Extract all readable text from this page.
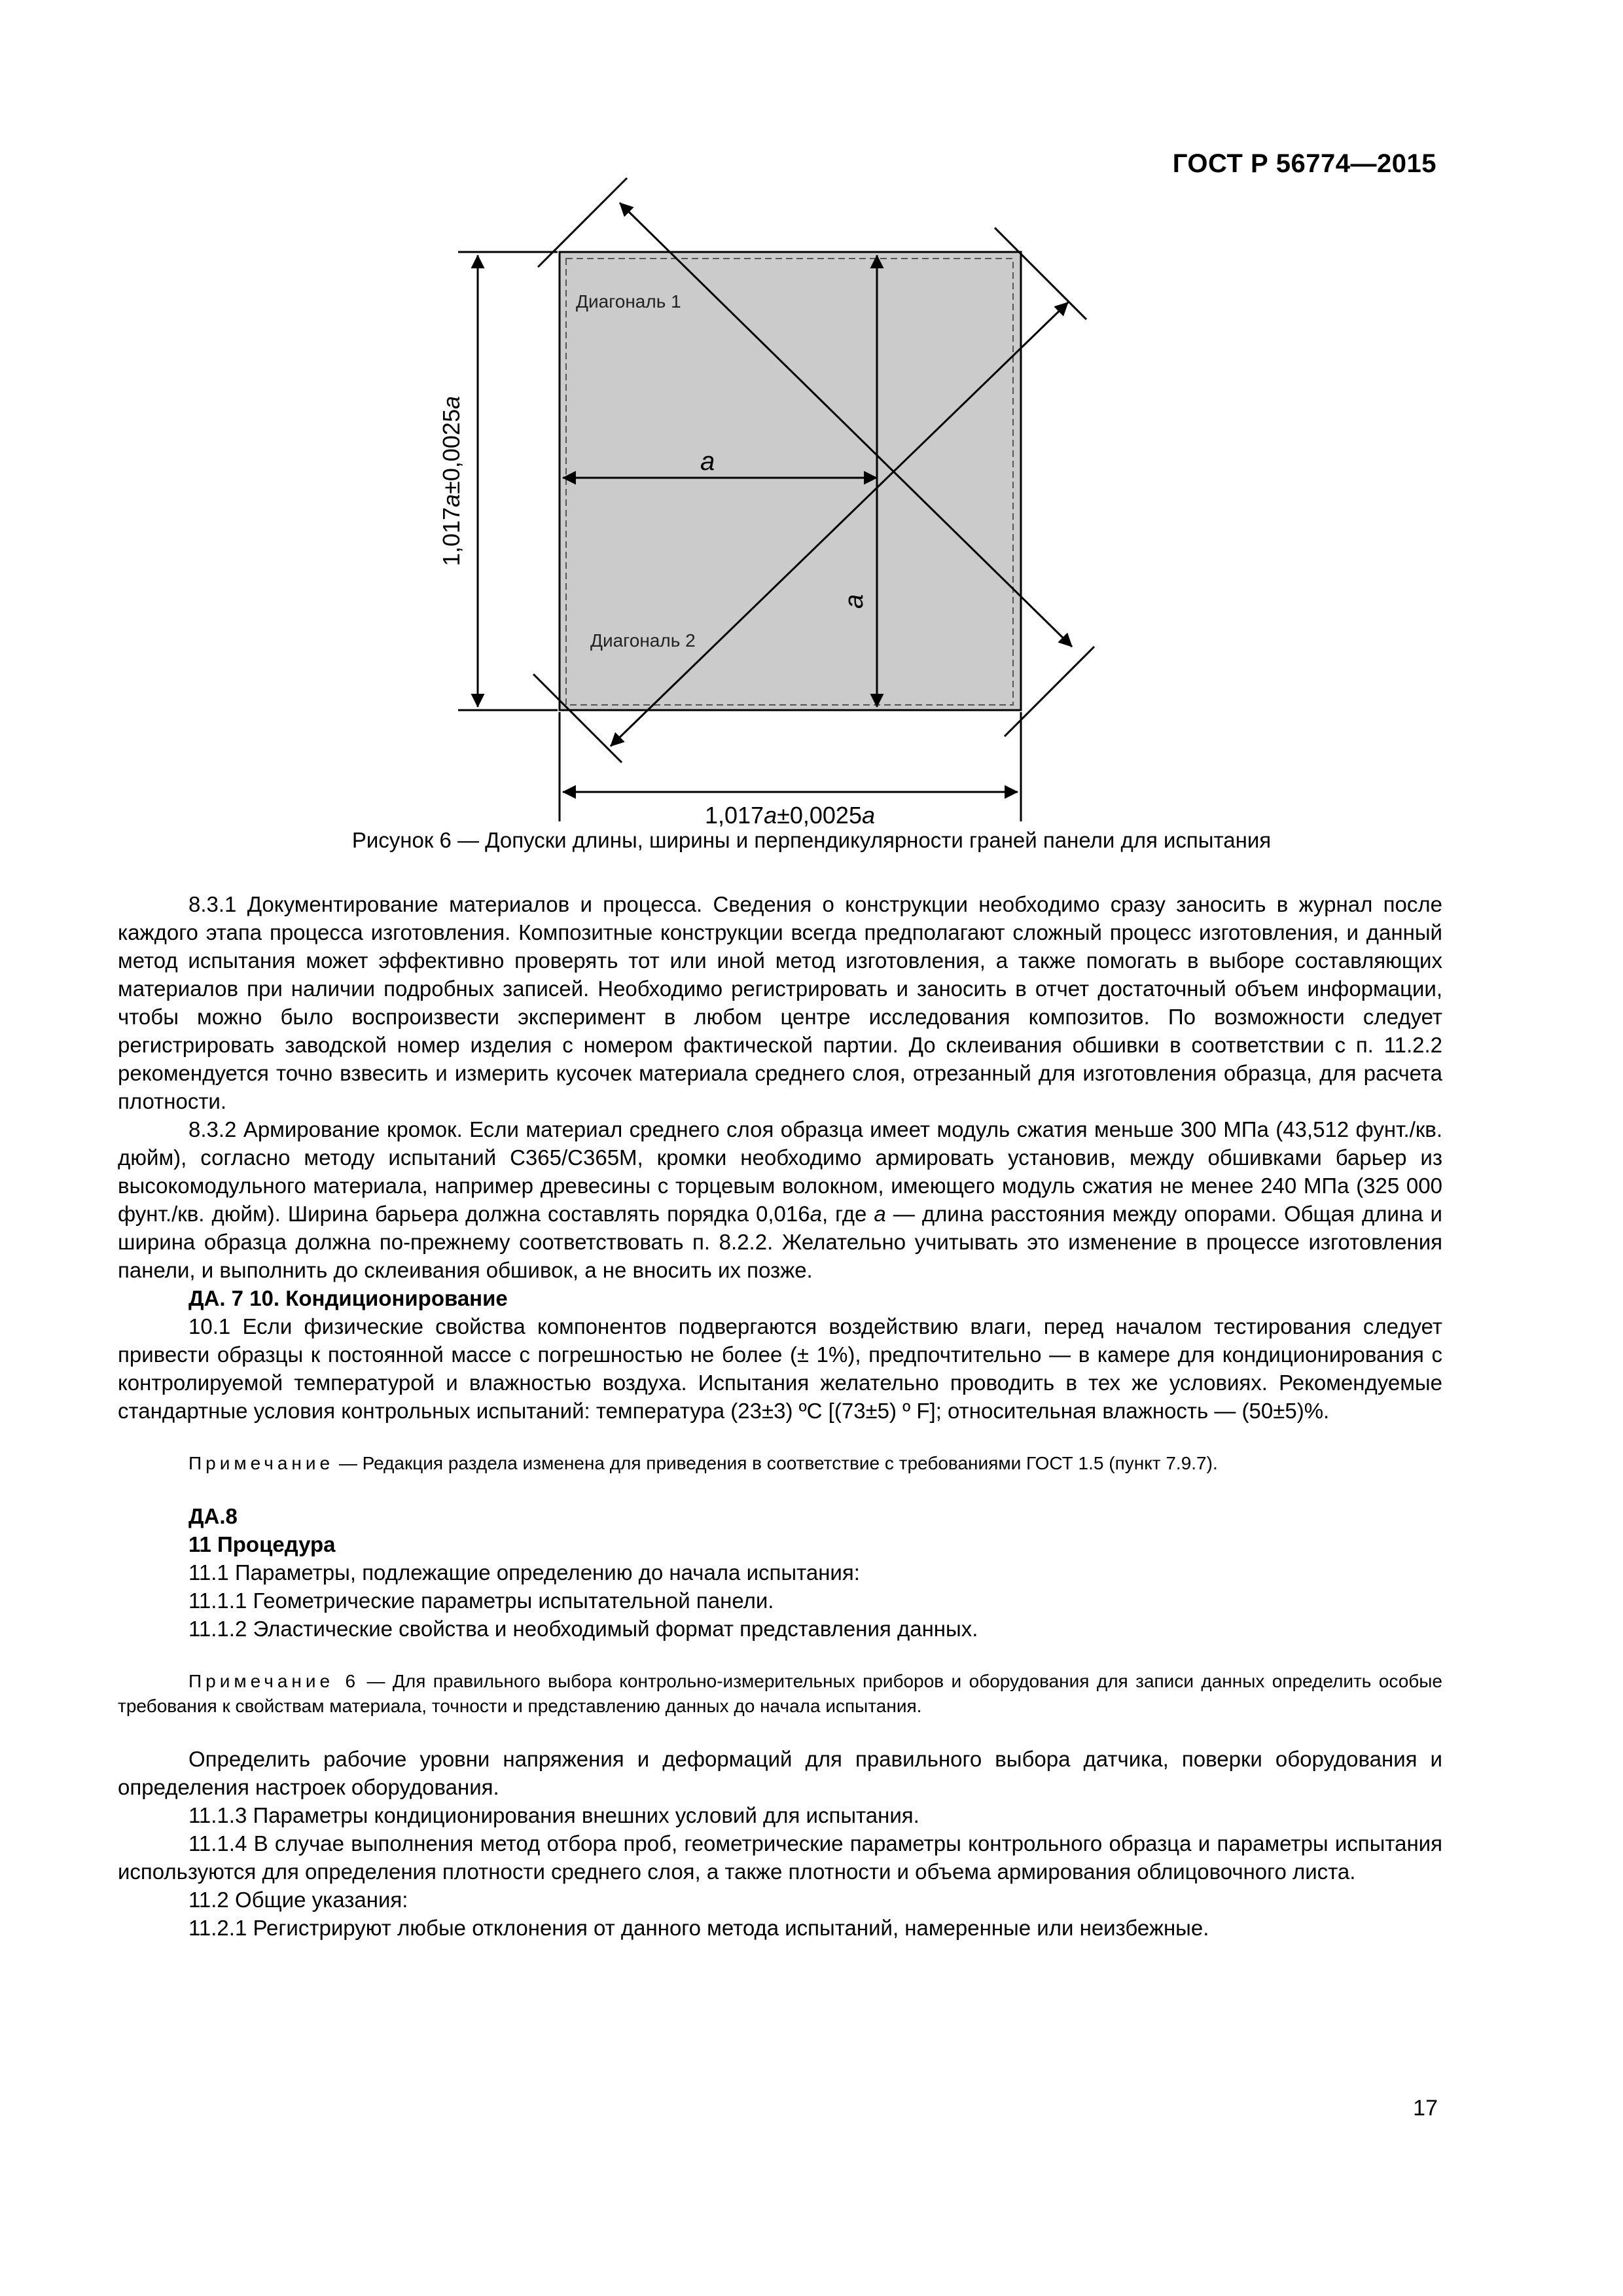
ГОСТ Р 56774—2015
Диагональ 1
Диагональ 2
a
a
1,017a±0,0025a
1,017a±0,0025a
Рисунок 6 — Допуски длины, ширины и перпендикулярности граней панели для испытания

8.3.1 Документирование материалов и процесса. Сведения о конструкции необходимо сразу заносить в журнал после каждого этапа процесса изготовления. Композитные конструкции всегда предполагают сложный процесс изготовления, и данный метод испытания может эффективно проверять тот или иной метод изготовления, а также помогать в выборе составляющих материалов при наличии подробных записей. Необходимо регистрировать и заносить в отчет достаточный объем информации, чтобы можно было воспроизвести эксперимент в любом центре исследования композитов. По возможности следует регистрировать заводской номер изделия с номером фактической партии. До склеивания обшивки в соответствии с п. 11.2.2 рекомендуется точно взвесить и измерить кусочек материала среднего слоя, отрезанный для изготовления образца, для расчета плотности.

8.3.2 Армирование кромок. Если материал среднего слоя образца имеет модуль сжатия меньше 300 МПа (43,512 фунт./кв. дюйм), согласно методу испытаний C365/C365M, кромки необходимо армировать установив, между обшивками барьер из высокомодульного материала, например древесины с торцевым волокном, имеющего модуль сжатия не менее 240 МПа (325 000 фунт./кв. дюйм). Ширина барьера должна составлять порядка 0,016a, где a — длина расстояния между опорами. Общая длина и ширина образца должна по-прежнему соответствовать п. 8.2.2. Желательно учитывать это изменение в процессе изготовления панели, и выполнить до склеивания обшивок, а не вносить их позже.

ДА. 7 10. Кондиционирование

10.1 Если физические свойства компонентов подвергаются воздействию влаги, перед началом тестирования следует привести образцы к постоянной массе с погрешностью не более (± 1%), предпочтительно — в камере для кондиционирования с контролируемой температурой и влажностью воздуха. Испытания желательно проводить в тех же условиях. Рекомендуемые стандартные условия контрольных испытаний: температура (23±3) ºС [(73±5) º F]; относительная влажность — (50±5)%.

Примечание — Редакция раздела изменена для приведения в соответствие с требованиями ГОСТ 1.5 (пункт 7.9.7).

ДА.8

11 Процедура

11.1 Параметры, подлежащие определению до начала испытания:

11.1.1 Геометрические параметры испытательной панели.

11.1.2 Эластические свойства и необходимый формат представления данных.

Примечание 6 — Для правильного выбора контрольно-измерительных приборов и оборудования для записи данных определить особые требования к свойствам материала, точности и представлению данных до начала испытания.

Определить рабочие уровни напряжения и деформаций для правильного выбора датчика, поверки оборудования и определения настроек оборудования.

11.1.3 Параметры кондиционирования внешних условий для испытания.

11.1.4 В случае выполнения метод отбора проб, геометрические параметры контрольного образца и параметры испытания используются для определения плотности среднего слоя, а также плотности и объема армирования облицовочного листа.

11.2 Общие указания:

11.2.1 Регистрируют любые отклонения от данного метода испытаний, намеренные или неизбежные.

17
